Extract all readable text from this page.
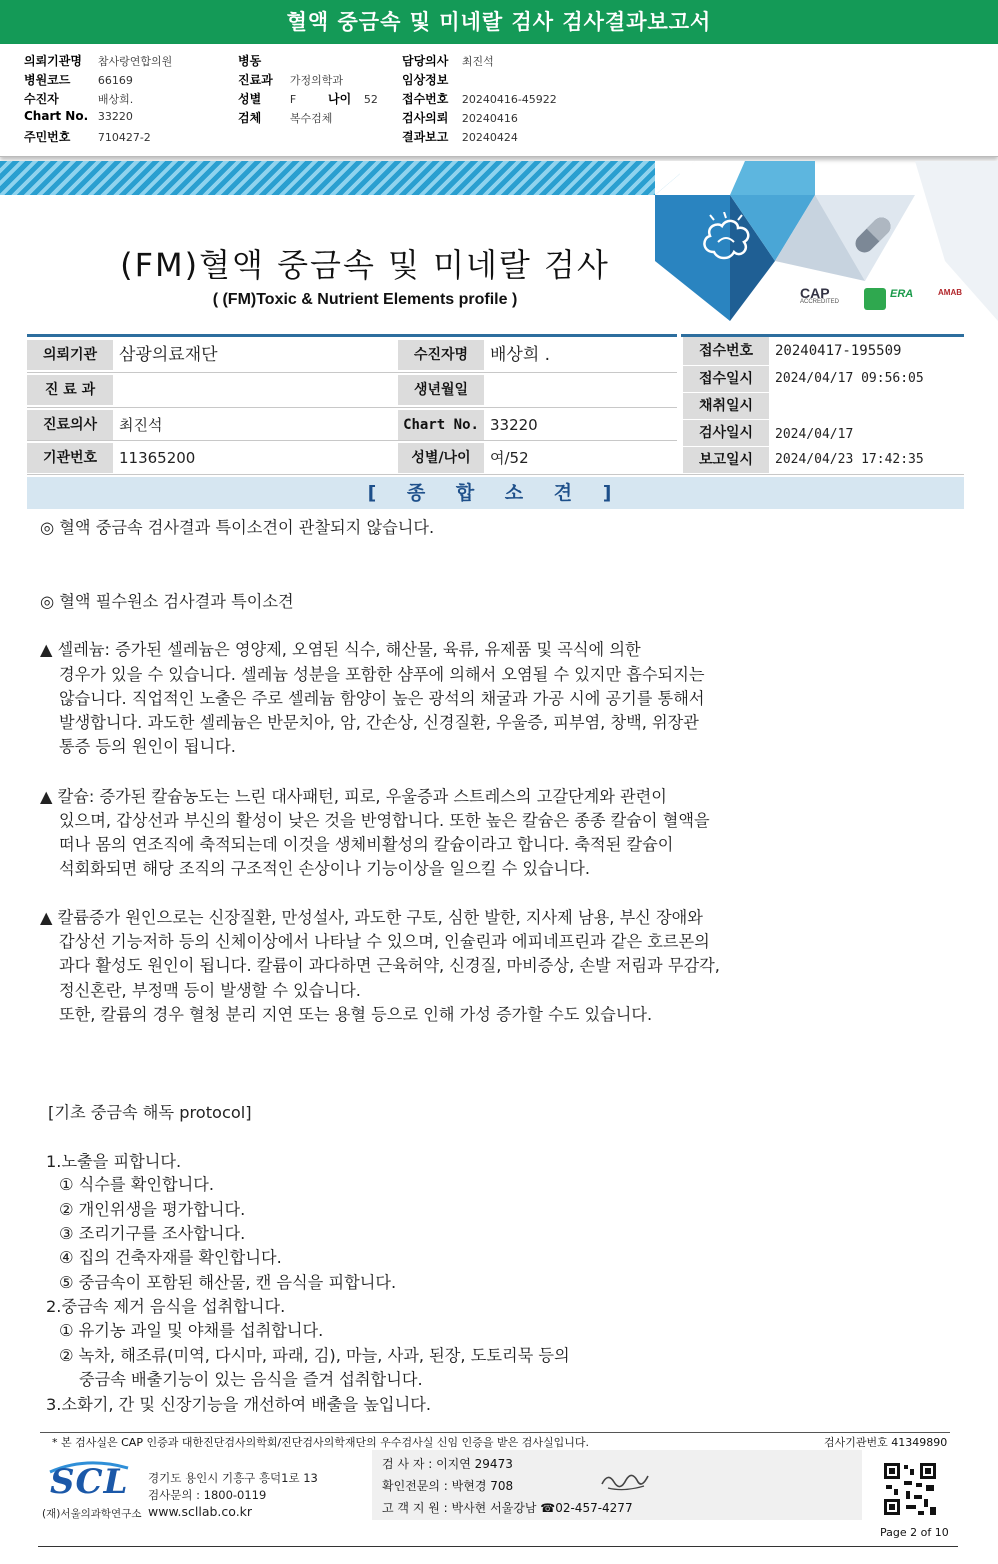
혈액 중금속 및 미네랄 검사 검사결과보고서
의뢰기관명 참사랑연합의원
병원코드 66169
수진자	배상희.
Chart No. 33220
주민번호 710427-2
병동
진료과 가정의학과
성별	F	나이 52
검체	복수검체
담당의사 최진석
임상정보
접수번호 20240416-45922
검사의뢰 20240416
결과보고 20240424
CAP
ACCREDITED
ERA	AMAB
(FM)혈액 중금속 및 미네랄 검사
( (FM)Toxic & Nutrient Elements profile )
의뢰기관	삼광의료재단
진 료 과
진료의사	최진석
기관번호	11365200
수진자명	배상희 .
생년월일
Chart No. 33220
성별/나이	여/52
접수번호	20240417-195509
접수일시	2024/04/17 09:56:05
채취일시
검사일시	2024/04/17
보고일시	2024/04/23 17:42:35
[ 종 합 소 견 ]
◎ 혈액 중금속 검사결과 특이소견이 관찰되지 않습니다.
◎ 혈액 필수원소 검사결과 특이소견
▲ 셀레늄: 증가된 셀레늄은 영양제, 오염된 식수, 해산물, 육류, 유제품 및 곡식에 의한
경우가 있을 수 있습니다. 셀레늄 성분을 포함한 샴푸에 의해서 오염될 수 있지만 흡수되지는
않습니다. 직업적인 노출은 주로 셀레늄 함양이 높은 광석의 채굴과 가공 시에 공기를 통해서
발생합니다. 과도한 셀레늄은 반문치아, 암, 간손상, 신경질환, 우울증, 피부염, 창백, 위장관
통증 등의 원인이 됩니다.
▲ 칼슘: 증가된 칼슘농도는 느린 대사패턴, 피로, 우울증과 스트레스의 고갈단계와 관련이
있으며, 갑상선과 부신의 활성이 낮은 것을 반영합니다. 또한 높은 칼슘은 종종 칼슘이 혈액을
떠나 몸의 연조직에 축적되는데 이것을 생체비활성의 칼슘이라고 합니다. 축적된 칼슘이
석회화되면 해당 조직의 구조적인 손상이나 기능이상을 일으킬 수 있습니다.
▲ 칼륨증가 원인으로는 신장질환, 만성설사, 과도한 구토, 심한 발한, 지사제 남용, 부신 장애와
갑상선 기능저하 등의 신체이상에서 나타날 수 있으며, 인슐린과 에피네프린과 같은 호르몬의
과다 활성도 원인이 됩니다. 칼륨이 과다하면 근육허약, 신경질, 마비증상, 손발 저림과 무감각,
정신혼란, 부정맥 등이 발생할 수 있습니다.
또한, 칼륨의 경우 혈청 분리 지연 또는 용혈 등으로 인해 가성 증가할 수도 있습니다.
[기초 중금속 해독 protocol]
1.노출을 피합니다.
① 식수를 확인합니다.
② 개인위생을 평가합니다.
③ 조리기구를 조사합니다.
④ 집의 건축자재를 확인합니다.
⑤ 중금속이 포함된 해산물, 캔 음식을 피합니다.
2.중금속 제거 음식을 섭취합니다.
① 유기농 과일 및 야채를 섭취합니다.
② 녹차, 해조류(미역, 다시마, 파래, 김), 마늘, 사과, 된장, 도토리묵 등의
중금속 배출기능이 있는 음식을 즐겨 섭취합니다.
3.소화기, 간 및 신장기능을 개선하여 배출을 높입니다.
* 본 검사실은 CAP 인증과 대한진단검사의학회/진단검사의학재단의 우수검사실 신임 인증을 받은 검사실입니다.	검사기관번호 41349890
SCL
(재)서울의과학연구소
경기도 용인시 기흥구 흥덕1로 13
검사문의 : 1800-0119
www.scllab.co.kr
검 사 자 : 이지연 29473
확인전문의 : 박현경 708
고 객 지 원 : 박사현 서울강남 ☎02-457-4277
Page 2 of 10
